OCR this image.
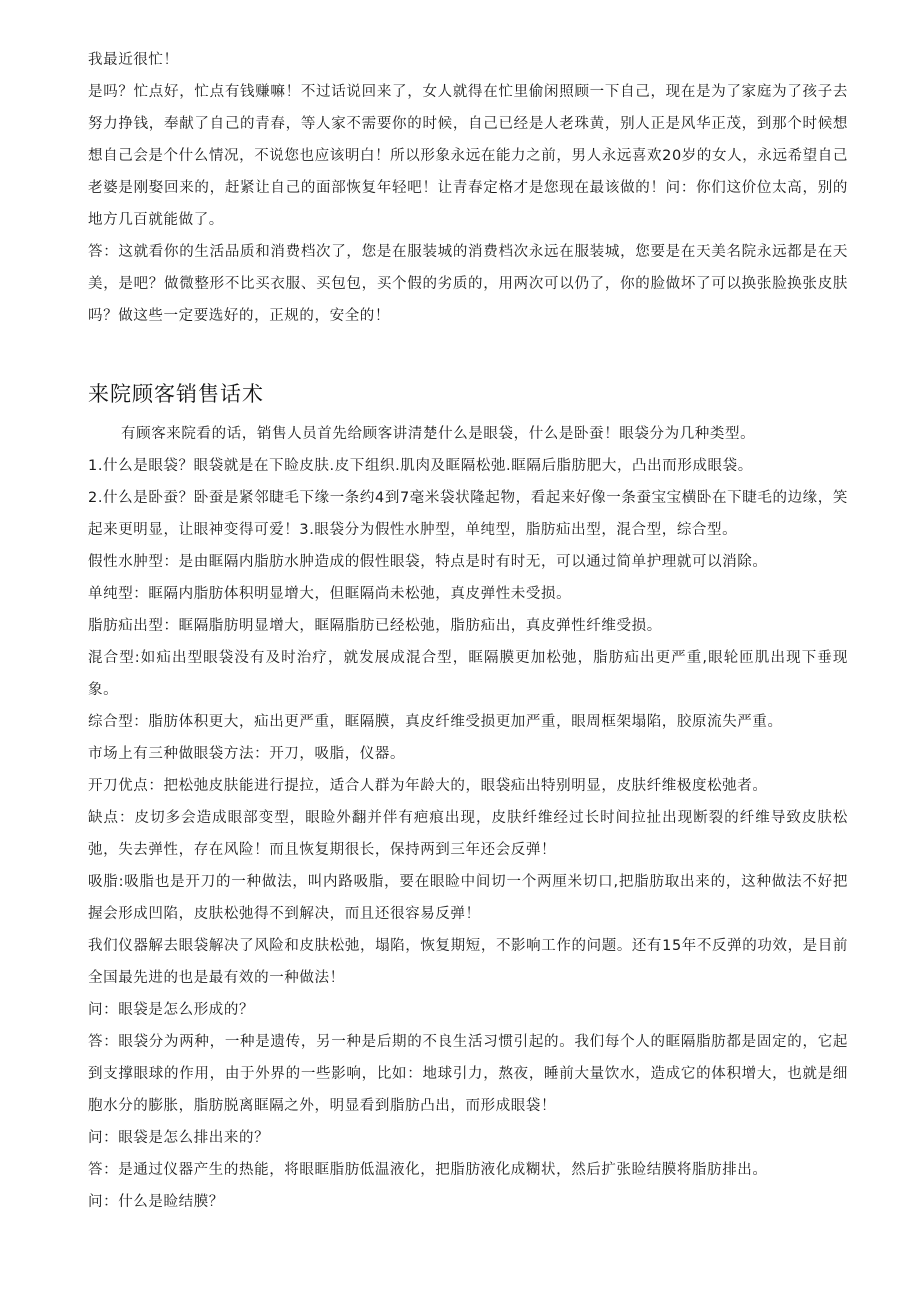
我最近很忙！

是吗？忙点好，忙点有钱赚嘛！不过话说回来了，女人就得在忙里偷闲照顾一下自己，现在是为了家庭为了孩子去努力挣钱，奉献了自己的青春，等人家不需要你的时候，自己已经是人老珠黄，别人正是风华正茂，到那个时候想想自己会是个什么情况，不说您也应该明白！所以形象永远在能力之前，男人永远喜欢20岁的女人，永远希望自己老婆是刚娶回来的，赶紧让自己的面部恢复年轻吧！让青春定格才是您现在最该做的！问：你们这价位太高，别的地方几百就能做了。

答：这就看你的生活品质和消费档次了，您是在服装城的消费档次永远在服装城，您要是在天美名院永远都是在天美，是吧？做微整形不比买衣服、买包包，买个假的劣质的，用两次可以仍了，你的脸做坏了可以换张脸换张皮肤吗？做这些一定要选好的，正规的，安全的！

来院顾客销售话术

有顾客来院看的话，销售人员首先给顾客讲清楚什么是眼袋，什么是卧蚕！眼袋分为几种类型。

1.什么是眼袋？眼袋就是在下睑皮肤.皮下组织.肌肉及眶隔松弛.眶隔后脂肪肥大，凸出而形成眼袋。

2.什么是卧蚕？卧蚕是紧邻睫毛下缘一条约4到7毫米袋状隆起物，看起来好像一条蚕宝宝横卧在下睫毛的边缘，笑起来更明显，让眼神变得可爱！3.眼袋分为假性水肿型，单纯型，脂肪疝出型，混合型，综合型。

假性水肿型：是由眶隔内脂肪水肿造成的假性眼袋，特点是时有时无，可以通过简单护理就可以消除。

单纯型：眶隔内脂肪体积明显增大，但眶隔尚未松弛，真皮弹性未受损。

脂肪疝出型：眶隔脂肪明显增大，眶隔脂肪已经松弛，脂肪疝出，真皮弹性纤维受损。

混合型:如疝出型眼袋没有及时治疗，就发展成混合型，眶隔膜更加松弛，脂肪疝出更严重,眼轮匝肌出现下垂现象。

综合型：脂肪体积更大，疝出更严重，眶隔膜，真皮纤维受损更加严重，眼周框架塌陷，胶原流失严重。

市场上有三种做眼袋方法：开刀，吸脂，仪器。

开刀优点：把松弛皮肤能进行提拉，适合人群为年龄大的，眼袋疝出特别明显，皮肤纤维极度松弛者。

缺点：皮切多会造成眼部变型，眼睑外翻并伴有疤痕出现，皮肤纤维经过长时间拉扯出现断裂的纤维导致皮肤松弛，失去弹性，存在风险！而且恢复期很长，保持两到三年还会反弹！

吸脂:吸脂也是开刀的一种做法，叫内路吸脂，要在眼睑中间切一个两厘米切口,把脂肪取出来的，这种做法不好把握会形成凹陷，皮肤松弛得不到解决，而且还很容易反弹！

我们仪器解去眼袋解决了风险和皮肤松弛，塌陷，恢复期短，不影响工作的问题。还有15年不反弹的功效，是目前全国最先进的也是最有效的一种做法！

问：眼袋是怎么形成的？

答：眼袋分为两种，一种是遗传，另一种是后期的不良生活习惯引起的。我们每个人的眶隔脂肪都是固定的，它起到支撑眼球的作用，由于外界的一些影响，比如：地球引力，熬夜，睡前大量饮水，造成它的体积增大，也就是细胞水分的膨胀，脂肪脱离眶隔之外，明显看到脂肪凸出，而形成眼袋！

问：眼袋是怎么排出来的？

答：是通过仪器产生的热能，将眼眶脂肪低温液化，把脂肪液化成糊状，然后扩张睑结膜将脂肪排出。

问：什么是睑结膜？
